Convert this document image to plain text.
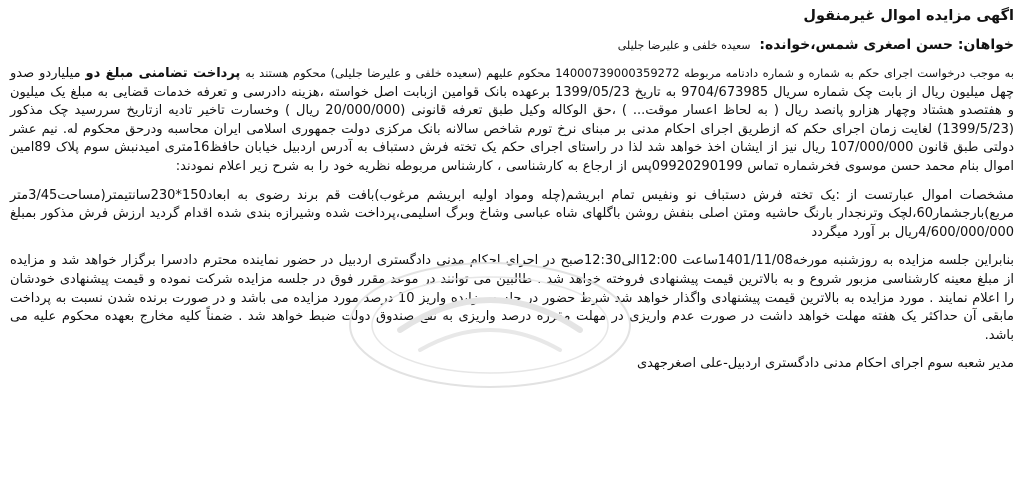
اگهی مزایده اموال غیرمنقول
خواهان: حسن اصغری شمس،خوانده: سعیده خلفی و علیرضا جلیلی

به موجب درخواست اجرای حکم به شماره و شماره دادنامه مربوطه 14000739000359272 محکوم علیهم (سعیده خلفی و علیرضا جلیلی) محکوم هستند به پرداخت تضامنی مبلغ دو میلیاردو صدو چهل میلیون ریال از بابت چک شماره سریال 9704/673985 به تاریخ 1399/05/23 برعهده بانک قوامین ازبابت اصل خواسته ،هزینه دادرسی و تعرفه خدمات قضایی به مبلغ یک میلیون و هفتصدو هشتاد وچهار هزارو پانصد ریال ( به لحاظ اعسار موقت... ) ،حق الوکاله وکیل طبق تعرفه قانونی (20/000/000 ریال ) وخسارت تاخیر تادیه ازتاریخ سررسید چک مذکور (1399/5/23) لغایت زمان اجرای حکم که ازطریق اجرای احکام مدنی بر مبنای نرخ تورم شاخص سالانه بانک مرکزی دولت جمهوری اسلامی ایران محاسبه ودرحق محکوم له. نیم عشر دولتی طبق قانون 107/000/000 ریال نیز از ایشان اخذ خواهد شد لذا در راستای اجرای حکم یک تخته فرش دستباف به آدرس اردبیل خیابان حافظ16متری امیدنبش سوم پلاک 89امین اموال بنام محمد حسن موسوی فخرشماره تماس 09920290199پس از ارجاع به کارشناسی ، کارشناس مربوطه نظریه خود را به شرح زیر اعلام نمودند:

مشخصات اموال عبارتست از :یک تخته فرش دستباف نو ونفیس تمام ابریشم(چله ومواد اولیه ابریشم مرغوب)بافت قم برند رضوی به ابعاد150*230سانتیمتر(مساحت3/45متر مربع)بارجشمار60،لچک وترنجدار بارنگ حاشیه ومتن اصلی بنفش روشن باگلهای شاه عباسی وشاخ وبرگ اسلیمی،پرداخت شده وشیرازه بندی شده اقدام گردید ارزش فرش مذکور بمبلغ 4/600/000/000ریال بر آورد میگردد

بنابراین جلسه مزایده به روزشنبه مورخه1401/11/08ساعت 12:00الی12:30صبح در اجرای احکام مدنی دادگستری اردبیل در حضور نماینده محترم دادسرا برگزار خواهد شد و مزایده از مبلغ معینه کارشناسی مزبور شروع و به بالاترین قیمت پیشنهادی فروخته خواهد شد . طالبین می توانند در موعد مقرر فوق در جلسه مزایده شرکت نموده و قیمت پیشنهادی خودشان را اعلام نمایند . مورد مزایده به بالاترین قیمت پیشنهادی واگذار خواهد شد شرط حضور در جلسه مزایده واریز 10 درصد مورد مزایده می باشد و در صورت برنده شدن نسبت به پرداخت مابقی آن حداکثر یک هفته مهلت خواهد داشت در صورت عدم واریزی در مهلت مقرره درصد واریزی به نفع صندوق دولت ضبط خواهد شد . ضمناً کلیه مخارج بعهده محکوم علیه می باشد.

مدیر شعبه سوم اجرای احکام مدنی دادگستری اردبیل-علی اصغرجهدی
